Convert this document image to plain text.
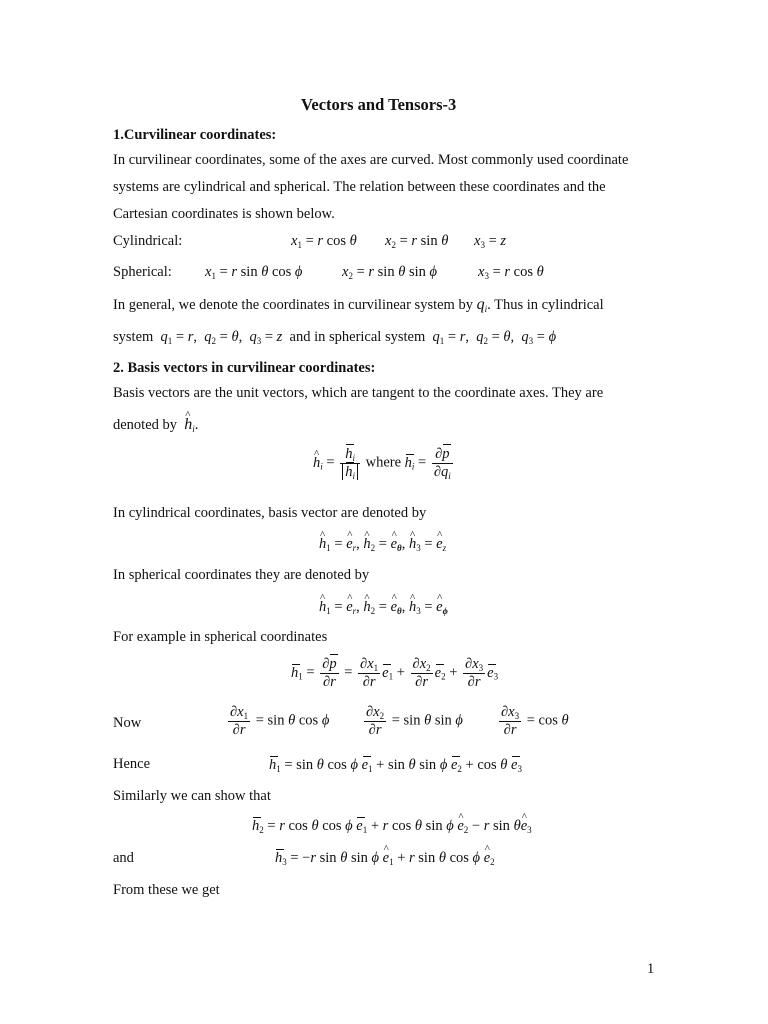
Vectors and Tensors-3
1.Curvilinear coordinates:
In curvilinear coordinates, some of the axes are curved. Most commonly used coordinate
systems are cylindrical and spherical. The relation between these coordinates and the
Cartesian coordinates is shown below.
Cylindrical:	$x_1 = r$ cos θ $x_2 = r$ sin θ $x_3 = z$
Spherical: $x_1 = r$ sin θ cos ϕ	$x_2 = r$ sin θ sin ϕ	$x_3 = r$ cos θ
In general, we denote the coordinates in curvilinear system by $q_i$. Thus in cylindrical
system $q_1 = r$,  $q_2 = \theta$,  $q_3 = z$ and in spherical system $q_1 = r$,  $q_2 = \theta$,  $q_3 = \phi$
2. Basis vectors in curvilinear coordinates:
Basis vectors are the unit vectors, which are tangent to the coordinate axes. They are
denoted by ^ $h_i$.
^ $h_i = \frac{h_i}{h_i}$ where $h_i = \frac{\partial p}{\partial q_i}$
In cylindrical coordinates, basis vector are denoted by
^ $h_1$ = ^ $e_r$, ^ $h_2$ = ^ $e_\theta$, ^ $h_3$ = ^ $e_z$
In spherical coordinates they are denoted by
^ $h_1$ = ^ $e_r$, ^ $h_2$ = ^ $e_\theta$, ^ $h_3$ = ^ $e_\phi$
For example in spherical coordinates
$h_1 = \frac{\partial p}{\partial r} = \frac{\partial x_1}{\partial r} e_1 + \frac{\partial x_2}{\partial r} e_2 + \frac{\partial x_3}{\partial r} e_3$
Now	$\frac{\partial x_1}{\partial r} = \sin \theta$ cos ϕ $\frac{\partial x_2}{\partial r} = \sin \theta$ sin ϕ $\frac{\partial x_3}{\partial r} = \cos \theta$
Hence	$h_1 = \sin \theta$ cos ϕ $e_1 + \sin \theta$ sin ϕ $e_2 + \cos \theta$ $e_3$
Similarly we can show that
$h_2 = r$ cos θ cos ϕ $e_1 + r$ cos θ sin ϕ ^ $e_2 - r$ sin θ^ $e_3$
and	$h_3 = -r$ sin θ sin ϕ ^ $e_1 + r$ sin θ cos ϕ ^ $e_2$
From these we get
1
